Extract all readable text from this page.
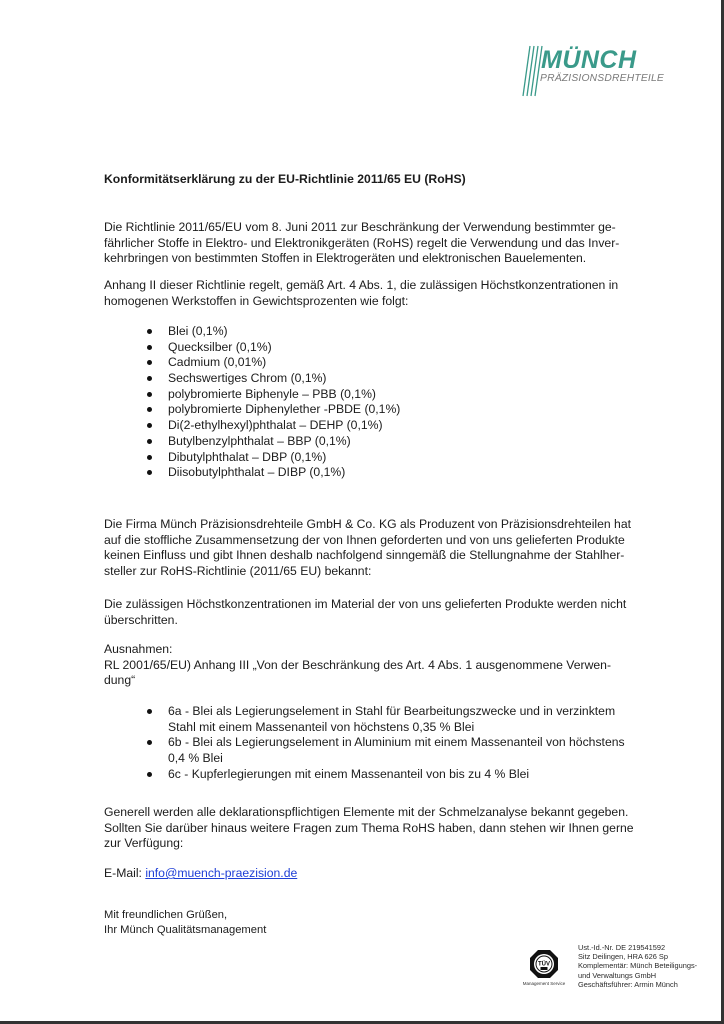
MÜNCH
PRÄZISIONSDREHTEILE

Konformitätserklärung zu der EU-Richtlinie 2011/65 EU (RoHS)

Die Richtlinie 2011/65/EU vom 8. Juni 2011 zur Beschränkung der Verwendung bestimmter ge-
fährlicher Stoffe in Elektro- und Elektronikgeräten (RoHS) regelt die Verwendung und das Inver-
kehrbringen von bestimmten Stoffen in Elektrogeräten und elektronischen Bauelementen.

Anhang II dieser Richtlinie regelt, gemäß Art. 4 Abs. 1, die zulässigen Höchstkonzentrationen in
homogenen Werkstoffen in Gewichtsprozenten wie folgt:

Blei (0,1%)
Quecksilber (0,1%)
Cadmium (0,01%)
Sechswertiges Chrom (0,1%)
polybromierte Biphenyle – PBB (0,1%)
polybromierte Diphenylether -PBDE (0,1%)
Di(2-ethylhexyl)phthalat – DEHP (0,1%)
Butylbenzylphthalat – BBP (0,1%)
Dibutylphthalat – DBP (0,1%)
Diisobutylphthalat – DIBP (0,1%)

Die Firma Münch Präzisionsdrehteile GmbH & Co. KG als Produzent von Präzisionsdrehteilen hat
auf die stoffliche Zusammensetzung der von Ihnen geforderten und von uns gelieferten Produkte
keinen Einfluss und gibt Ihnen deshalb nachfolgend sinngemäß die Stellungnahme der Stahlher-
steller zur RoHS-Richtlinie (2011/65 EU) bekannt:

Die zulässigen Höchstkonzentrationen im Material der von uns gelieferten Produkte werden nicht
überschritten.

Ausnahmen:
RL 2001/65/EU) Anhang III „Von der Beschränkung des Art. 4 Abs. 1 ausgenommene Verwen-
dung“

6a - Blei als Legierungselement in Stahl für Bearbeitungszwecke und in verzinktem
Stahl mit einem Massenanteil von höchstens 0,35 % Blei
6b - Blei als Legierungselement in Aluminium mit einem Massenanteil von höchstens
0,4 % Blei
6c - Kupferlegierungen mit einem Massenanteil von bis zu 4 % Blei

Generell werden alle deklarationspflichtigen Elemente mit der Schmelzanalyse bekannt gegeben.
Sollten Sie darüber hinaus weitere Fragen zum Thema RoHS haben, dann stehen wir Ihnen gerne
zur Verfügung:

E-Mail: info@muench-praezision.de

Mit freundlichen Grüßen,
Ihr Münch Qualitätsmanagement

TÜV
Management Service
Ust.-Id.-Nr. DE 219541592
Sitz Deilingen, HRA 626 Sp
Komplementär: Münch Beteiligungs-
und Verwaltungs GmbH
Geschäftsführer: Armin Münch
